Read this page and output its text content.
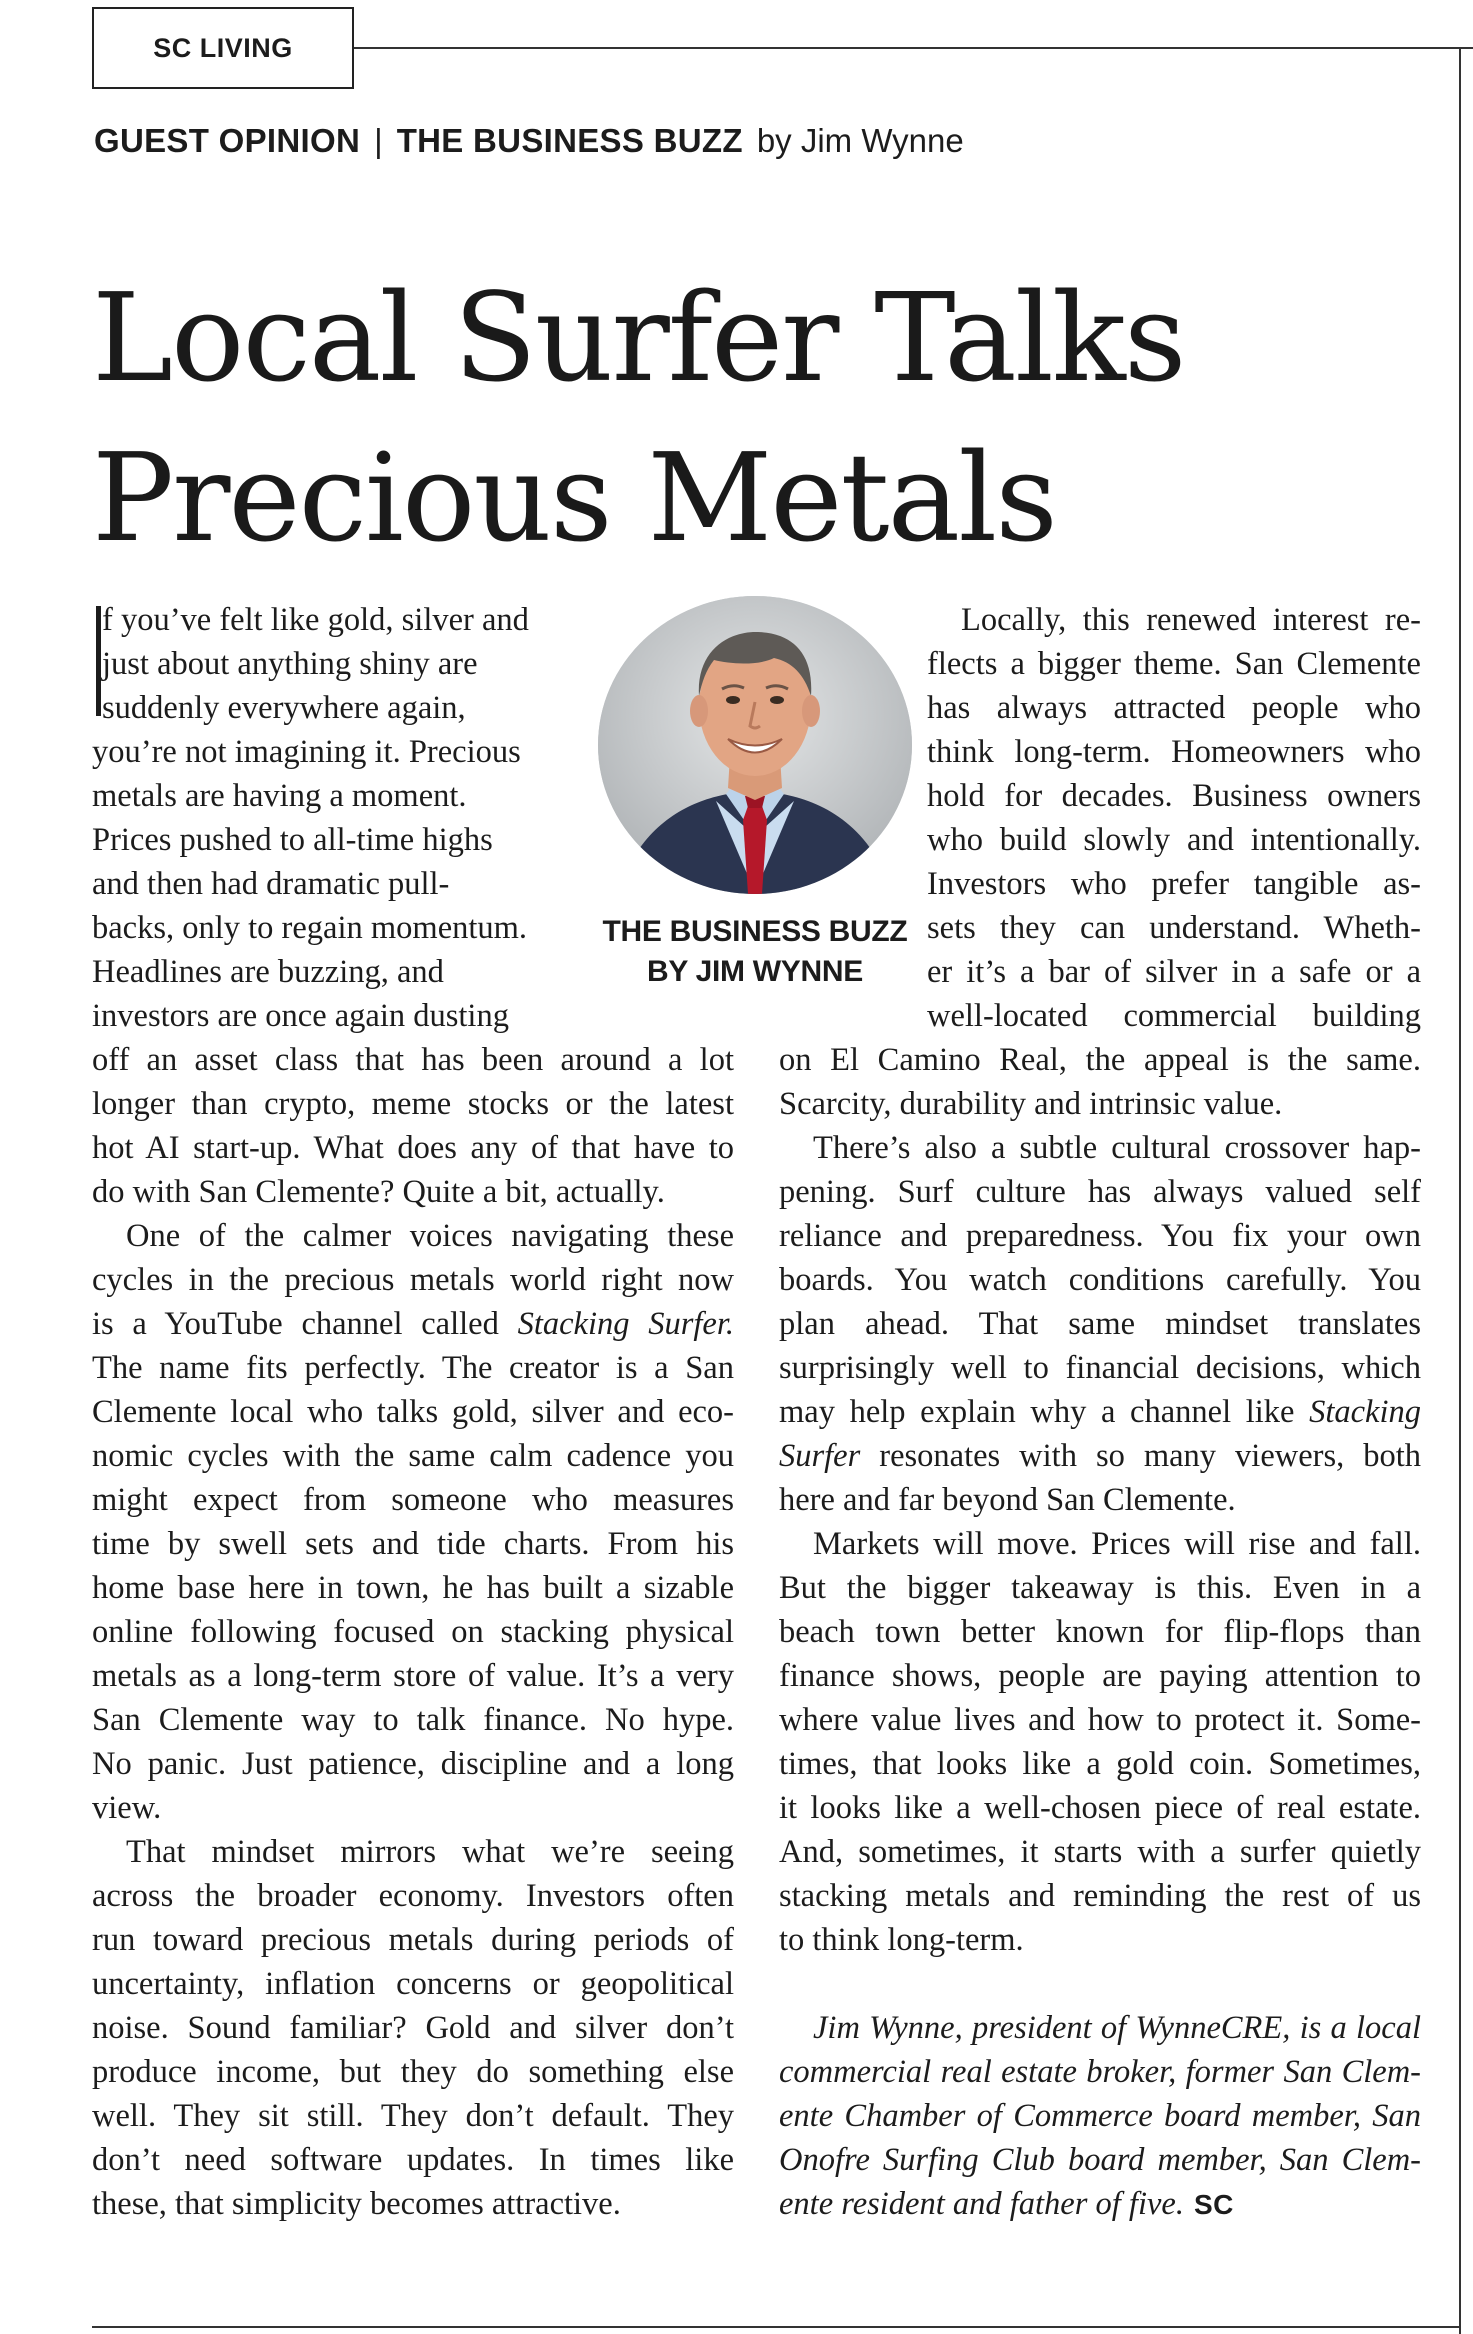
SC LIVING
GUEST OPINION | THE BUSINESS BUZZ by Jim Wynne
Local Surfer Talks
Precious Metals
THE BUSINESS BUZZ
BY JIM WYNNE
f you’ve felt like gold, silver and
just about anything shiny are
suddenly everywhere again,
you’re not imagining it. Precious
metals are having a moment.
Prices pushed to all-time highs
and then had dramatic pull-
backs, only to regain momentum.
Headlines are buzzing, and
investors are once again dusting
off an asset class that has been around a lot
longer than crypto, meme stocks or the latest
hot AI start-up. What does any of that have to
do with San Clemente? Quite a bit, actually.
One of the calmer voices navigating these
cycles in the precious metals world right now
is a YouTube channel called Stacking Surfer.
The name fits perfectly. The creator is a San
Clemente local who talks gold, silver and eco-
nomic cycles with the same calm cadence you
might expect from someone who measures
time by swell sets and tide charts. From his
home base here in town, he has built a sizable
online following focused on stacking physical
metals as a long-term store of value. It’s a very
San Clemente way to talk finance. No hype.
No panic. Just patience, discipline and a long
view.
That mindset mirrors what we’re seeing
across the broader economy. Investors often
run toward precious metals during periods of
uncertainty, inflation concerns or geopolitical
noise. Sound familiar? Gold and silver don’t
produce income, but they do something else
well. They sit still. They don’t default. They
don’t need software updates. In times like
these, that simplicity becomes attractive.
Locally, this renewed interest re-
flects a bigger theme. San Clemente
has always attracted people who
think long-term. Homeowners who
hold for decades. Business owners
who build slowly and intentionally.
Investors who prefer tangible as-
sets they can understand. Wheth-
er it’s a bar of silver in a safe or a
well-located commercial building
on El Camino Real, the appeal is the same.
Scarcity, durability and intrinsic value.
There’s also a subtle cultural crossover hap-
pening. Surf culture has always valued self
reliance and preparedness. You fix your own
boards. You watch conditions carefully. You
plan ahead. That same mindset translates
surprisingly well to financial decisions, which
may help explain why a channel like Stacking
Surfer resonates with so many viewers, both
here and far beyond San Clemente.
Markets will move. Prices will rise and fall.
But the bigger takeaway is this. Even in a
beach town better known for flip-flops than
finance shows, people are paying attention to
where value lives and how to protect it. Some-
times, that looks like a gold coin. Sometimes,
it looks like a well-chosen piece of real estate.
And, sometimes, it starts with a surfer quietly
stacking metals and reminding the rest of us
to think long-term.
Jim Wynne, president of WynneCRE, is a local
commercial real estate broker, former San Clem-
ente Chamber of Commerce board member, San
Onofre Surfing Club board member, San Clem-
ente resident and father of five. SC
